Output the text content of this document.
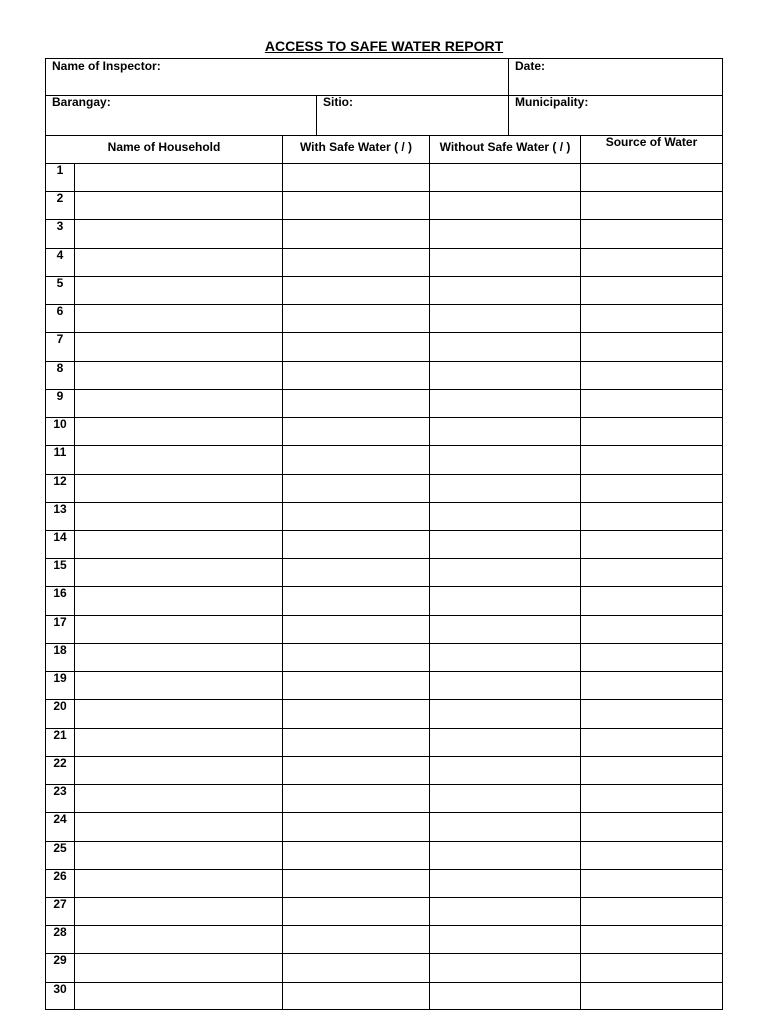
ACCESS TO SAFE WATER REPORT
Name of Inspector:	Date:
Barangay:	Sitio:	Municipality:
Name of Household	With Safe Water ( / )	Without Safe Water ( / )	Source of Water
1
2
3
4
5
6
7
8
9
10
11
12
13
14
15
16
17
18
19
20
21
22
23
24
25
26
27
28
29
30
